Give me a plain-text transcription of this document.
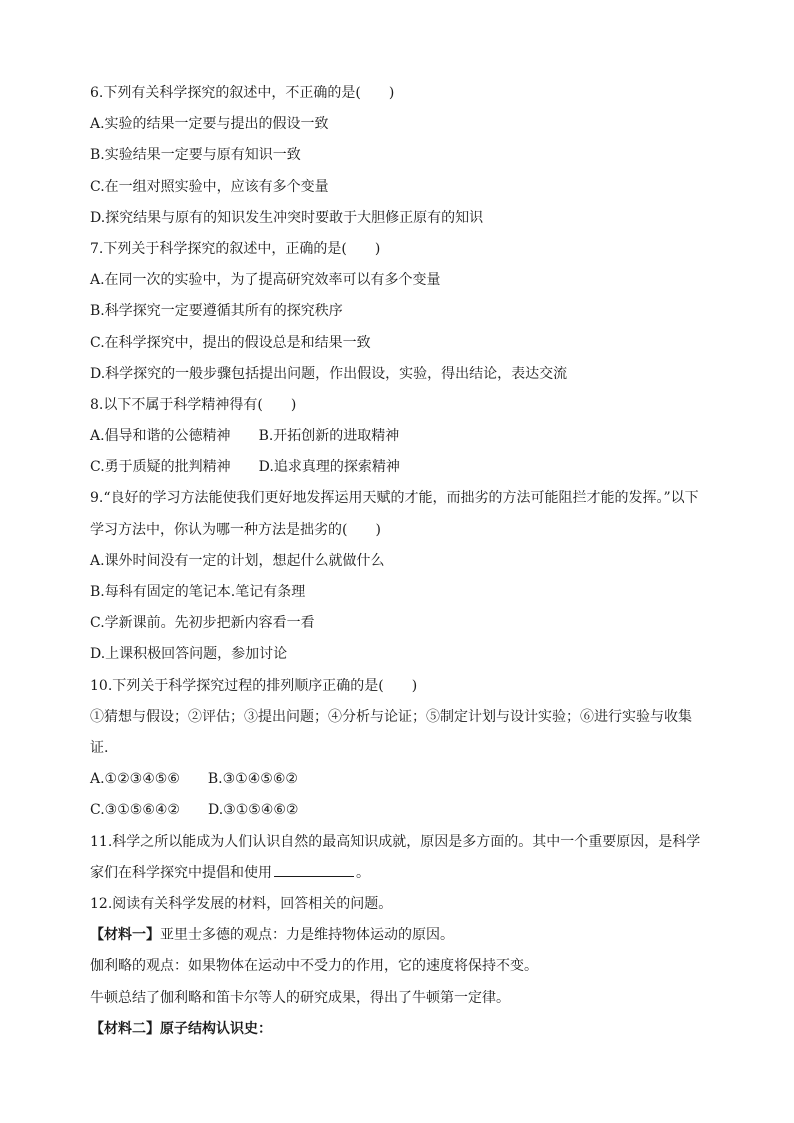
6.下列有关科学探究的叙述中，不正确的是(　　)
A.实验的结果一定要与提出的假设一致
B.实验结果一定要与原有知识一致
C.在一组对照实验中，应该有多个变量
D.探究结果与原有的知识发生冲突时要敢于大胆修正原有的知识
7.下列关于科学探究的叙述中，正确的是(　　)
A.在同一次的实验中，为了提高研究效率可以有多个变量
B.科学探究一定要遵循其所有的探究秩序
C.在科学探究中，提出的假设总是和结果一致
D.科学探究的一般步骤包括提出问题，作出假设，实验，得出结论，表达交流
8.以下不属于科学精神得有(　　)
A.倡导和谐的公德精神 B.开拓创新的进取精神
C.勇于质疑的批判精神 D.追求真理的探索精神
9.“良好的学习方法能使我们更好地发挥运用天赋的才能，而拙劣的方法可能阻拦才能的发挥。”以下学习方法中，你认为哪一种方法是拙劣的(　　)
A.课外时间没有一定的计划，想起什么就做什么
B.每科有固定的笔记本.笔记有条理
C.学新课前。先初步把新内容看一看
D.上课积极回答问题，参加讨论
10.下列关于科学探究过程的排列顺序正确的是(　　)
①猜想与假设；②评估；③提出问题；④分析与论证；⑤制定计划与设计实验；⑥进行实验与收集证.
A.①②③④⑤⑥ B.③①④⑤⑥②
C.③①⑤⑥④② D.③①⑤④⑥②
11.科学之所以能成为人们认识自然的最高知识成就，原因是多方面的。其中一个重要原因，是科学家们在科学探究中提倡和使用	。
12.阅读有关科学发展的材料，回答相关的问题。
【材料一】亚里士多德的观点：力是维持物体运动的原因。
伽利略的观点：如果物体在运动中不受力的作用，它的速度将保持不变。
牛顿总结了伽利略和笛卡尔等人的研究成果，得出了牛顿第一定律。
【材料二】原子结构认识史：
